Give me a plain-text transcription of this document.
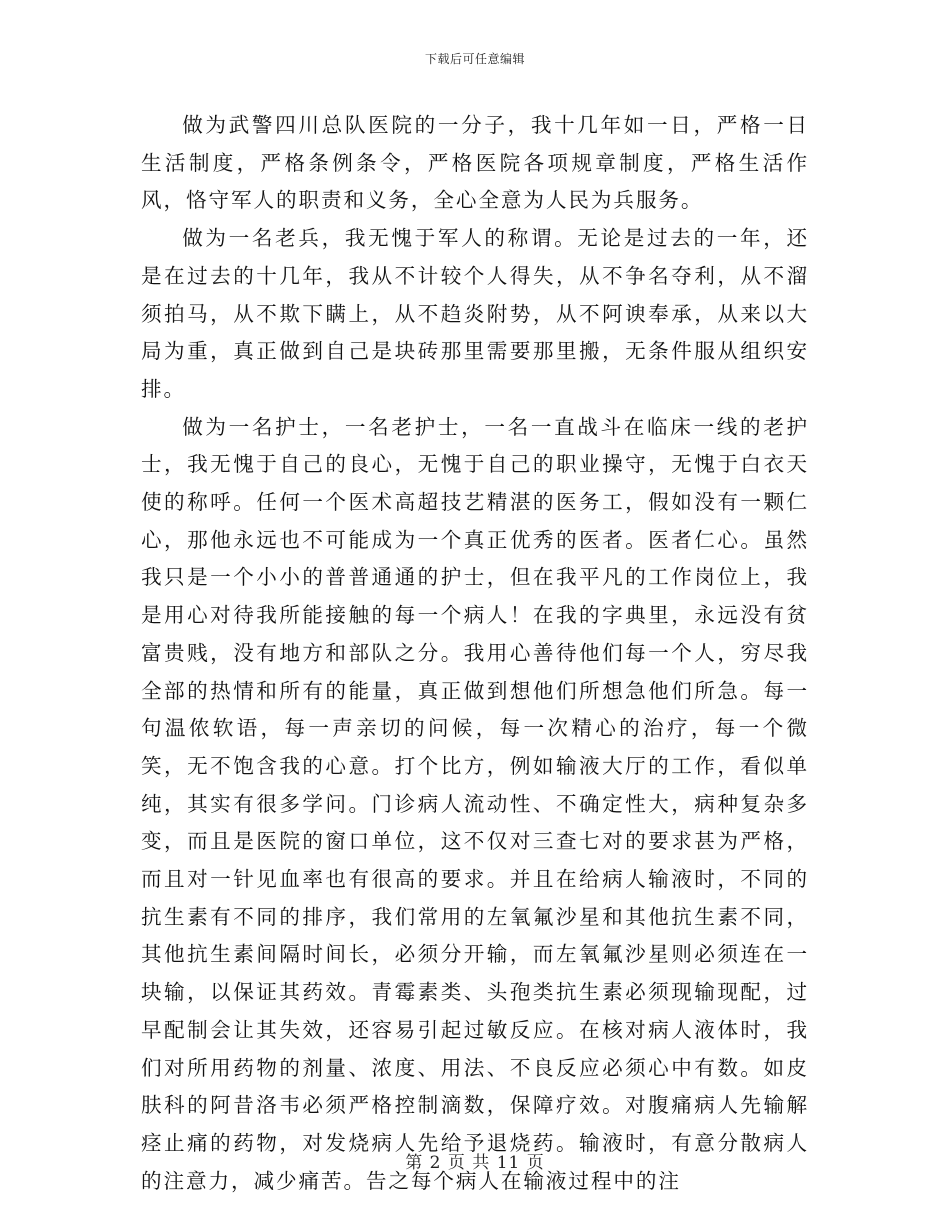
下载后可任意编辑

做为武警四川总队医院的一分子，我十几年如一日，严格一日生活制度，严格条例条令，严格医院各项规章制度，严格生活作风，恪守军人的职责和义务，全心全意为人民为兵服务。

做为一名老兵，我无愧于军人的称谓。无论是过去的一年，还是在过去的十几年，我从不计较个人得失，从不争名夺利，从不溜须拍马，从不欺下瞒上，从不趋炎附势，从不阿谀奉承，从来以大局为重，真正做到自己是块砖那里需要那里搬，无条件服从组织安排。

做为一名护士，一名老护士，一名一直战斗在临床一线的老护士，我无愧于自己的良心，无愧于自己的职业操守，无愧于白衣天使的称呼。任何一个医术高超技艺精湛的医务工，假如没有一颗仁心，那他永远也不可能成为一个真正优秀的医者。医者仁心。虽然我只是一个小小的普普通通的护士，但在我平凡的工作岗位上，我是用心对待我所能接触的每一个病人！在我的字典里，永远没有贫富贵贱，没有地方和部队之分。我用心善待他们每一个人，穷尽我全部的热情和所有的能量，真正做到想他们所想急他们所急。每一句温侬软语，每一声亲切的问候，每一次精心的治疗，每一个微笑，无不饱含我的心意。打个比方，例如输液大厅的工作，看似单纯，其实有很多学问。门诊病人流动性、不确定性大，病种复杂多变，而且是医院的窗口单位，这不仅对三查七对的要求甚为严格，而且对一针见血率也有很高的要求。并且在给病人输液时，不同的抗生素有不同的排序，我们常用的左氧氟沙星和其他抗生素不同，其他抗生素间隔时间长，必须分开输，而左氧氟沙星则必须连在一块输，以保证其药效。青霉素类、头孢类抗生素必须现输现配，过早配制会让其失效，还容易引起过敏反应。在核对病人液体时，我们对所用药物的剂量、浓度、用法、不良反应必须心中有数。如皮肤科的阿昔洛韦必须严格控制滴数，保障疗效。对腹痛病人先输解痉止痛的药物，对发烧病人先给予退烧药。输液时，有意分散病人的注意力，减少痛苦。告之每个病人在输液过程中的注

第 2 页 共 11 页
